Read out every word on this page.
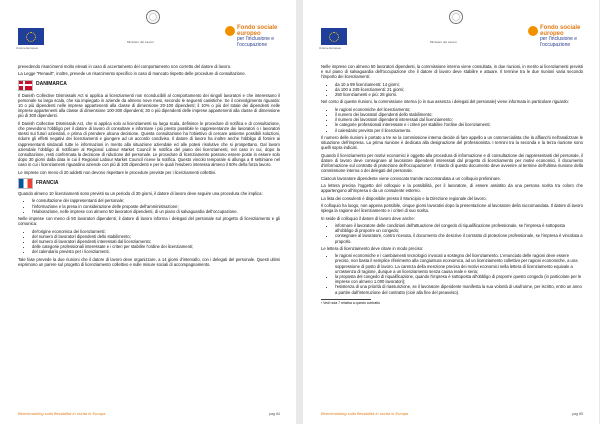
Ministero del Lavoro
Unione Europea
Fondo sociale europeo
per l'inclusione e l'occupazione

prevedendo risarcimenti molto elevati in caso di accertamento del comportamento non corretto del datore di lavoro.

La Legge "Renault", inoltre, prevede un risarcimento specifico in caso di mancato rispetto delle procedure di consultazione.

DANIMARCA

Il Danish Collective Dismissals Act si applica ai licenziamenti non riconducibili al comportamento dei singoli lavoratori e che interessano il personale su larga scala, che sia impiegato in aziende da almeno nove mesi, secondo le seguenti casistiche. Se il coinvolgimento riguarda: 10 o più dipendenti nelle imprese appartenenti alla classe di dimensione 20-100 dipendenti; il 10% o più del totale dei dipendenti nelle imprese appartenenti alla classe di dimensione 100-300 dipendenti; 30 o più dipendenti delle imprese appartenenti alla classe di dimensione più di 300 dipendenti.

Il Danish Collective Dismissals Act, che si applica solo ai licenziamenti su larga scala, definisce le procedure di notifica e di consultazione, che prevedono l'obbligo per il datore di lavoro di consultare e informare i più presto possibile le rappresentanze dei lavoratori o i lavoratori stessi sui futuri aziendali, e prima di prendere alcuna decisione. Questa consultazione ha l'obiettivo di cercare assieme possibili soluzioni, ridurre gli effetti negativi dei licenziamenti e giungere ad un accordo condiviso. Il datore di lavoro ha inoltre anche l'obbligo di fornire ai rappresentanti sindacali tutte le informazioni in merito alla situazione aziendale ed alle potesi risolutive che si prospettano. Dal lavoro aziendale l'obbligo di notificare al Regional Labour Market Council le notifica del piano dei licenziamenti, nel caso in cui, dopo la consultazione, resti confermata la decisione di riduzione del personale. Le procedure di licenziamento possono essere poste in essere solo dopo 30 giorni dalla data in cui il Regional Labour Market Council riceve la notifica. Questo vincolo temporale si allunga a 8 settimane nel caso in cui i licenziamenti riguardino aziende con più di 100 dipendenti e per le quali l'esubero interessa almeno il 50% della forza lavoro.

Le imprese con meno di 20 addetti non devono rispettare le procedure previste per i licenziamenti collettivi.

FRANCIA

Quando almeno 10 licenziamenti sono previsti su un periodo di 30 giorni, il datore di lavoro deve seguire una procedura che implica:

• le consultazione dei rappresentanti del personale;
• l'informazione e la presa in considerazione delle proposte dell'amministrazione;
• l'elaborazione, nelle imprese con almeno 50 lavoratori dipendenti, di un piano di salvaguardia dell'occupazione.

Nelle imprese con meno di 50 lavoratori dipendenti, il datore di lavoro informa i delegati del personale sul progetto di licenziamento e gli comunica:

• del'origine economica dei licenziamenti;
• del numero di lavoratori dipendenti dello stabilimento;
• del numero di lavoratori dipendenti interessati dal licenziamento;
• delle categorie professionali interessate e i criteri per stabilire l'ordine dei licenziamenti;
• del calendario previsto per i licenziamenti.

Tale fase prevede la due riunioni che il datore di lavoro deve organizzare, a 14 giorni d'intervallo, con i delegati del personale. Questi ultimi esprimono un parere sul progetto di licenziamento collettivo e sulle misure sociali di accompagnamento.

Benchmarking sulla flessibilità in uscita in Europa	pag 84
Ministero del Lavoro
Unione Europea
Fondo sociale europeo
per l'inclusione e l'occupazione

Nelle imprese con almeno 50 lavoratori dipendenti, la commissione interna viene consultata, in due riunioni, in merito ai licenziamenti previsti e sul piano di salvaguardia dell'occupazione che il datore di lavoro deve stabilire e attuare. Il termine tra le due riunioni varia secondo l'importo dei licenziamenti:

• da 10 a 99 licenziamenti: 14 giorni;
• da 100 a 249 licenziamenti: 21 giorni;
• 250 licenziamenti e più: 28 giorni.

Nel corso di queste riunioni, la commissione interna (o in sua assenza i delegati del personale) viene informata in particolare riguardo:

• le ragioni economiche del licenziamento;
• il numero dei lavoratori dipendenti dello stabilimento;
• il numero dei lavoratori dipendenti interessati dal licenziamento;
• le categorie professionali interessate e i criteri per stabilire l'ordine dei licenziamenti;
• il calendario previsto per il licenziamento.

Il numero delle riunioni è portato a tre se la commissione interna decide di fare appello a un commercialista che la affianchi nell'analizzare le situazione dell'impresa. La prima riunione è dedicata alla designazione del professionista. I termini tra la seconda e la terza riunione sono quelli sopra indicati.

Quando il licenziamento per motivi economici è oggetto alla procedura di informazione e di consultazione dei rappresentanti del personale, il datore di lavoro deve consegnare al lavoratore dipendenti interessati dal progetto di licenziamento per motivi economici, il documento d'informazione sul contratto di protezione dell'occupazione³. Il ritardo di questo documento deve avvenire al termine dell'ultima riunione della commissione interna o dei delegati del personale.

Ciascun lavoratore dipendente viene convocato tramite raccomandata a un colloquio preliminare.

La lettera precisa l'oggetto del colloquio e la possibilità, per il lavoratore, di essere assistito da una persona scelta tra coloro che appartengono all'impresa o da un consulente esterno.

La lista dei consulenti è disponibile presso il Municipio e la Direzione regionale del lavoro.

Il colloquio ha luogo, non appena possibile, cinque giorni lavorativi dopo la presentazione al lavoratore della raccomandata. Il datore di lavoro spiega la ragione del licenziamento e i criteri di suo scelta.

In seide di colloquio il datore di lavoro deve anche:

• informare il lavoratore delle condizioni dell'attuazione del congedo di riqualificazione professionale, se l'impresa è sottoposta all'obbligo di proporre un congedo;
• consegnare al lavoratore, contro ricevuta, il documento che descrive il contratto di protezione professionale, se l'impresa è vincolata a proporlo.

Le lettera di licenziamento deve citare in modo preciso:

• le ragioni economiche e i cambiamenti tecnologici invocati a sostegno del licenziamento. L'enunciato delle ragioni deve essere preciso, non basta il semplice riferimento alla congiuntura economica, ad un licenziamento collettivo per ragioni economiche, a una soppressione di posto di lavoro. La carenza della menzione precisa dei motivi economici nella lettera di licenziamento equivale a un'assenza di ragione, dunque a un licenziamento senza causa reale e seria;
• la proposta del congedo di riqualificazione, quando l'impresa è sottoposta all'obbligo di proporre questo congedo (in particolare per le imprese con almeno 1.000 lavoratori);
• l'esistenza di una priorità di riassunzione, se il lavoratore dipendente manifesta la sua volontà di usufruirne, per iscritto, entro un anno a partire dall'interruzione del contratto (cioè alla fine del preavviso).
³ Vedi nota 7 relativa a questo contratto
Benchmarking sulla flessibilità in uscita in Europa	pag 85
